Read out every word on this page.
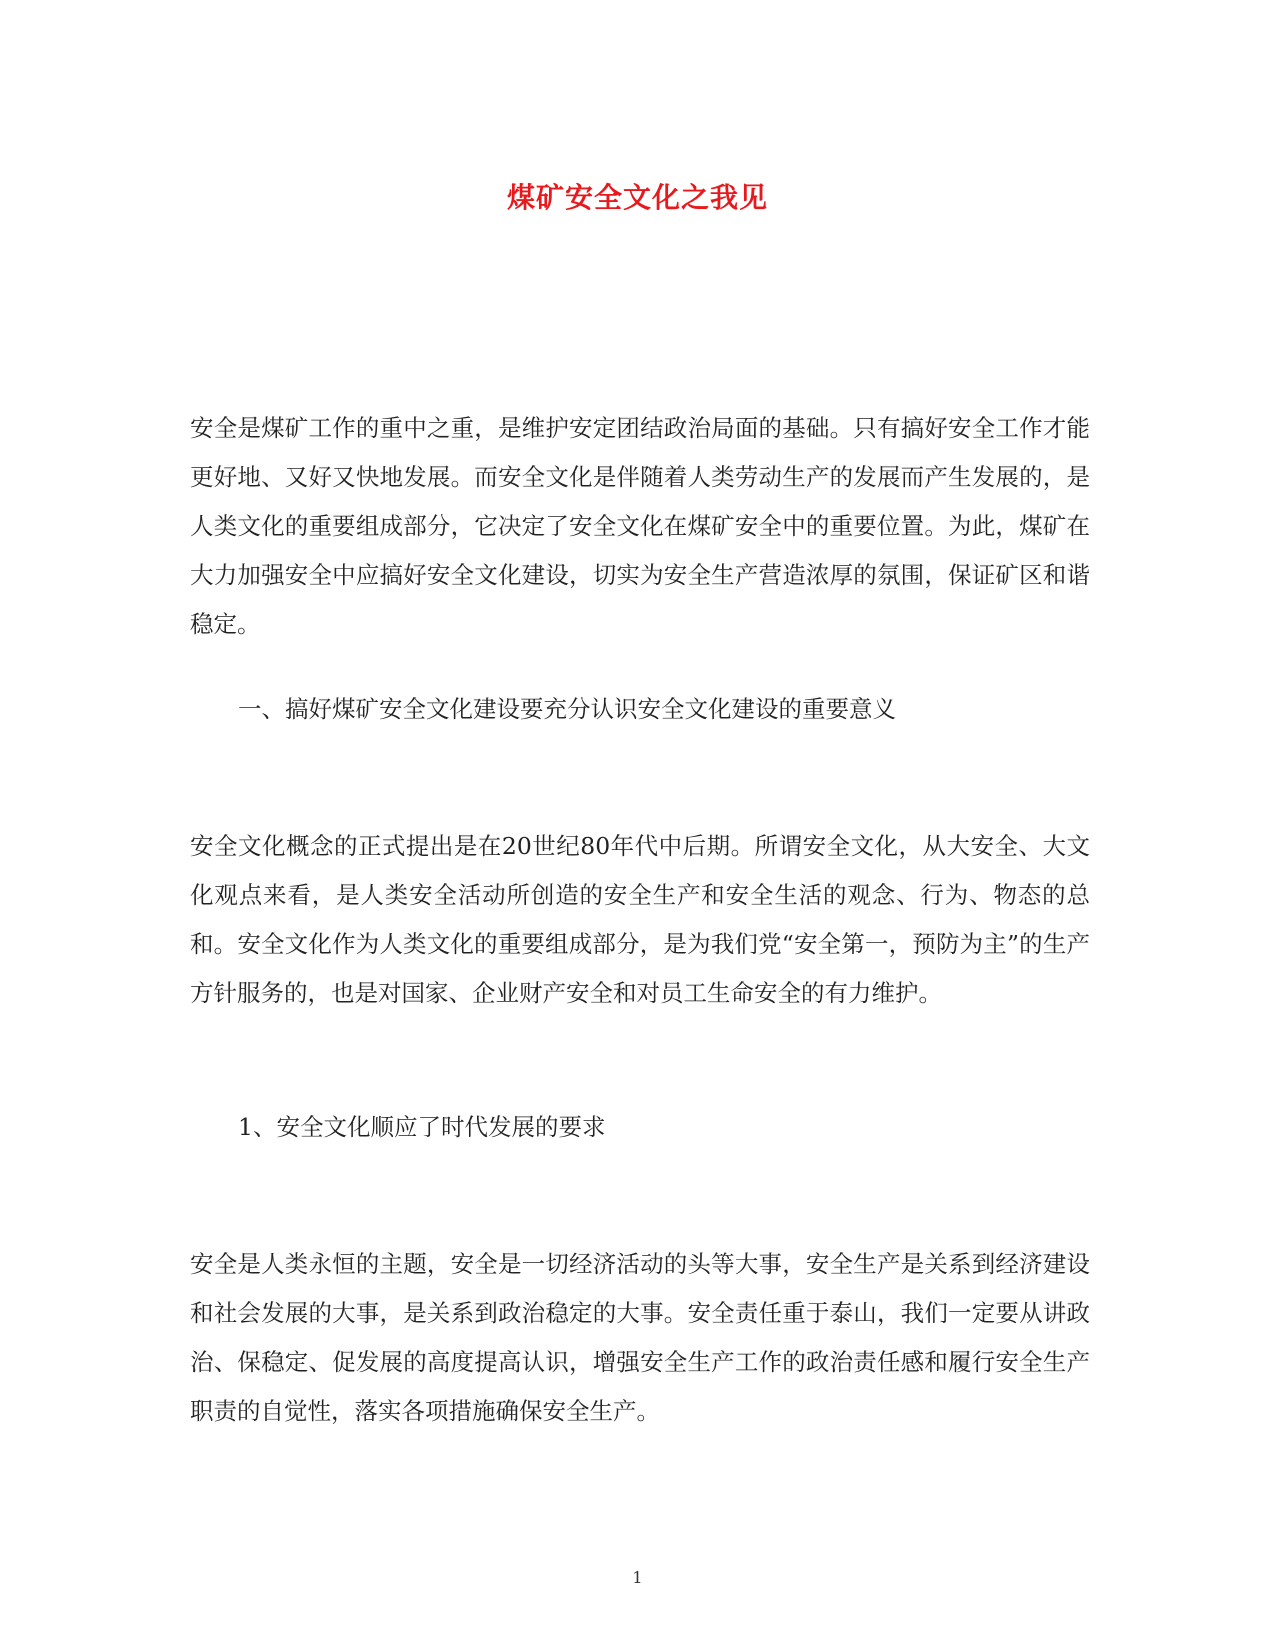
煤矿安全文化之我见

安全是煤矿工作的重中之重，是维护安定团结政治局面的基础。只有搞好安全工作才能更好地、又好又快地发展。而安全文化是伴随着人类劳动生产的发展而产生发展的，是人类文化的重要组成部分，它决定了安全文化在煤矿安全中的重要位置。为此，煤矿在大力加强安全中应搞好安全文化建设，切实为安全生产营造浓厚的氛围，保证矿区和谐稳定。

一、搞好煤矿安全文化建设要充分认识安全文化建设的重要意义

安全文化概念的正式提出是在20世纪80年代中后期。所谓安全文化，从大安全、大文化观点来看，是人类安全活动所创造的安全生产和安全生活的观念、行为、物态的总和。安全文化作为人类文化的重要组成部分，是为我们党“安全第一，预防为主”的生产方针服务的，也是对国家、企业财产安全和对员工生命安全的有力维护。

1、安全文化顺应了时代发展的要求

安全是人类永恒的主题，安全是一切经济活动的头等大事，安全生产是关系到经济建设和社会发展的大事，是关系到政治稳定的大事。安全责任重于泰山，我们一定要从讲政治、保稳定、促发展的高度提高认识，增强安全生产工作的政治责任感和履行安全生产职责的自觉性，落实各项措施确保安全生产。

1
